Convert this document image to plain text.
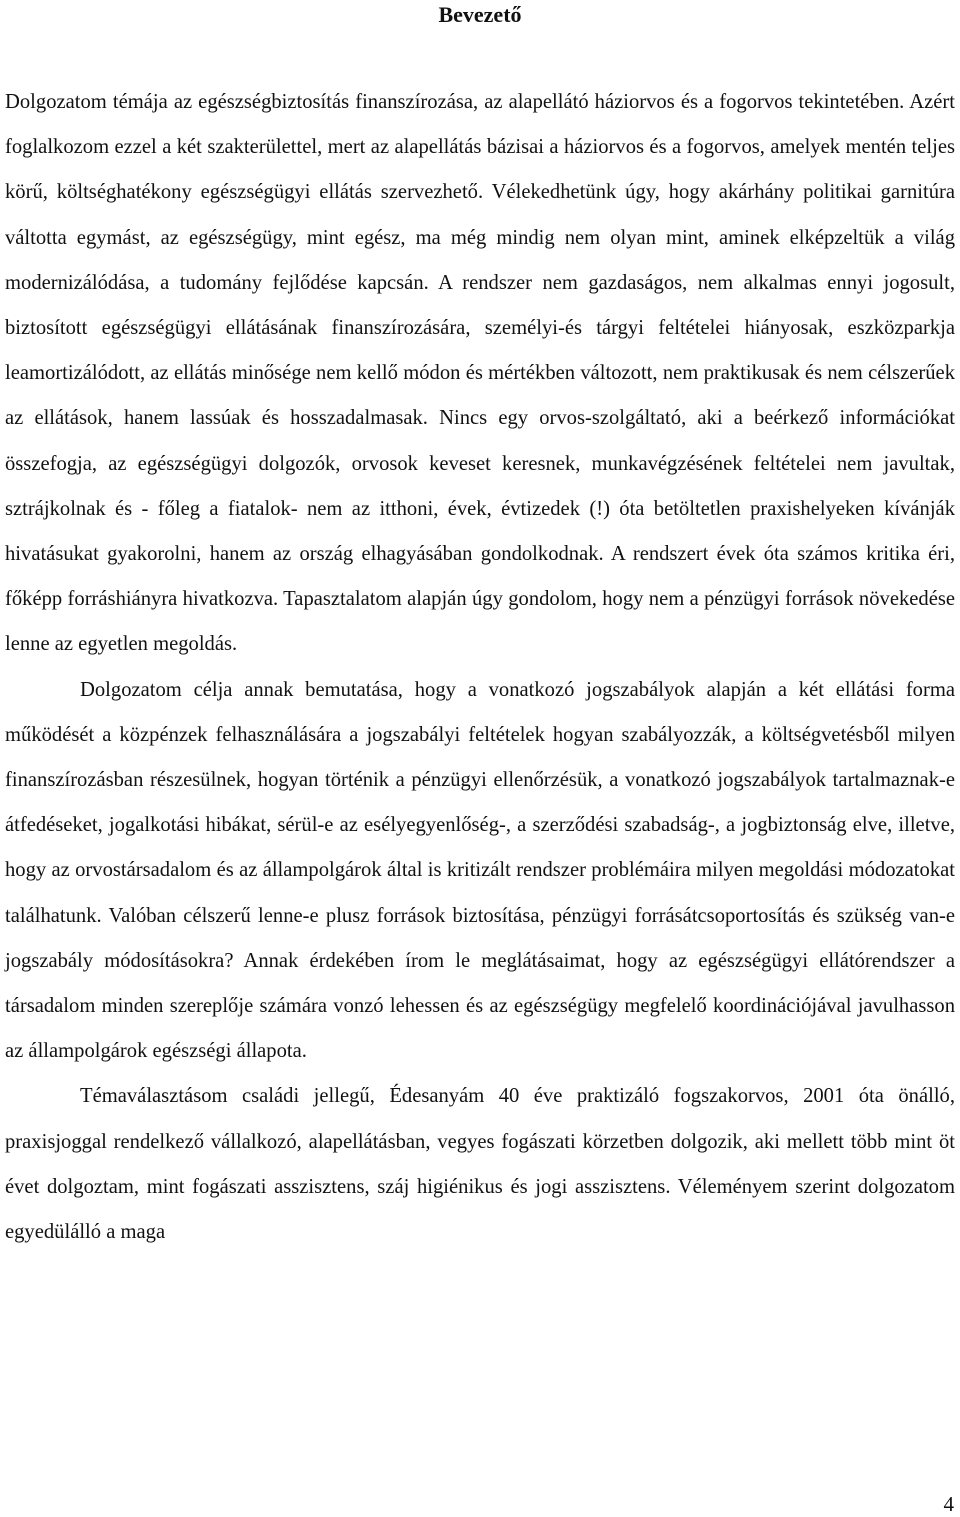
Bevezető

Dolgozatom témája az egészségbiztosítás finanszírozása, az alapellátó háziorvos és a fogorvos tekintetében. Azért foglalkozom ezzel a két szakterülettel, mert az alapellátás bázisai a háziorvos és a fogorvos, amelyek mentén teljes körű, költséghatékony egészségügyi ellátás szervezhető. Vélekedhetünk úgy, hogy akárhány politikai garnitúra váltotta egymást, az egészségügy, mint egész, ma még mindig nem olyan mint, aminek elképzeltük a világ modernizálódása, a tudomány fejlődése kapcsán. A rendszer nem gazdaságos, nem alkalmas ennyi jogosult, biztosított egészségügyi ellátásának finanszírozására, személyi-és tárgyi feltételei hiányosak, eszközparkja leamortizálódott, az ellátás minősége nem kellő módon és mértékben változott, nem praktikusak és nem célszerűek az ellátások, hanem lassúak és hosszadalmasak. Nincs egy orvos-szolgáltató, aki a beérkező információkat összefogja, az egészségügyi dolgozók, orvosok keveset keresnek, munkavégzésének feltételei nem javultak, sztrájkolnak és - főleg a fiatalok- nem az itthoni, évek, évtizedek (!) óta betöltetlen praxishelyeken kívánják hivatásukat gyakorolni, hanem az ország elhagyásában gondolkodnak. A rendszert évek óta számos kritika éri, főképp forráshiányra hivatkozva. Tapasztalatom alapján úgy gondolom, hogy nem a pénzügyi források növekedése lenne az egyetlen megoldás.

Dolgozatom célja annak bemutatása, hogy a vonatkozó jogszabályok alapján a két ellátási forma működését a közpénzek felhasználására a jogszabályi feltételek hogyan szabályozzák, a költségvetésből milyen finanszírozásban részesülnek, hogyan történik a pénzügyi ellenőrzésük, a vonatkozó jogszabályok tartalmaznak-e átfedéseket, jogalkotási hibákat, sérül-e az esélyegyenlőség-, a szerződési szabadság-, a jogbiztonság elve, illetve, hogy az orvostársadalom és az állampolgárok által is kritizált rendszer problémáira milyen megoldási módozatokat találhatunk. Valóban célszerű lenne-e plusz források biztosítása, pénzügyi forrásátcsoportosítás és szükség van-e jogszabály módosításokra? Annak érdekében írom le meglátásaimat, hogy az egészségügyi ellátórendszer a társadalom minden szereplője számára vonzó lehessen és az egészségügy megfelelő koordinációjával javulhasson az állampolgárok egészségi állapota.

Témaválasztásom családi jellegű, Édesanyám 40 éve praktizáló fogszakorvos, 2001 óta önálló, praxisjoggal rendelkező vállalkozó, alapellátásban, vegyes fogászati körzetben dolgozik, aki mellett több mint öt évet dolgoztam, mint fogászati asszisztens, száj higiénikus és jogi asszisztens. Véleményem szerint dolgozatom egyedülálló a maga

4
